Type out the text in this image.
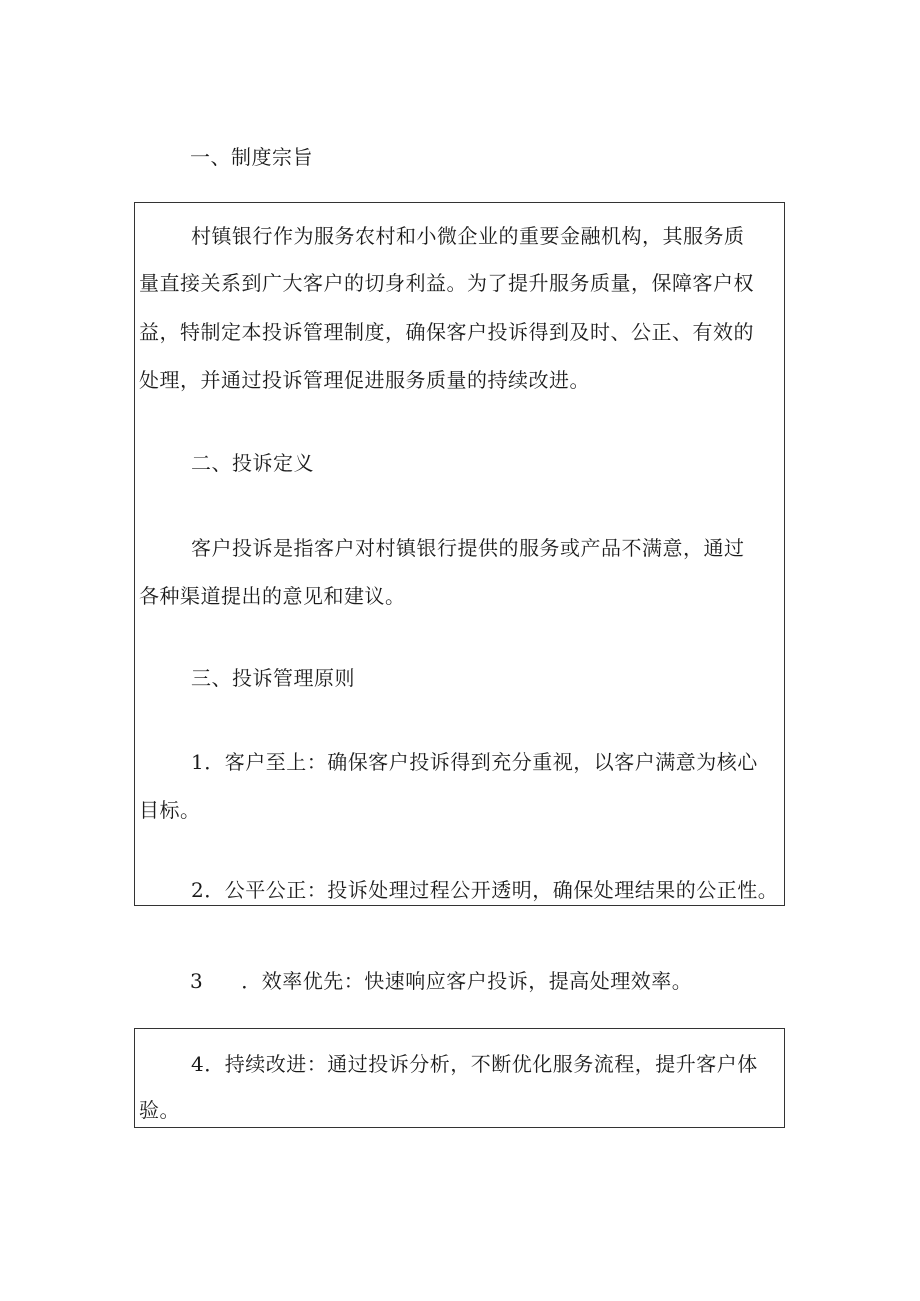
一、制度宗旨
村镇银行作为服务农村和小微企业的重要金融机构，其服务质
量直接关系到广大客户的切身利益。为了提升服务质量，保障客户权
益，特制定本投诉管理制度，确保客户投诉得到及时、公正、有效的
处理，并通过投诉管理促进服务质量的持续改进。
二、投诉定义
客户投诉是指客户对村镇银行提供的服务或产品不满意，通过
各种渠道提出的意见和建议。
三、投诉管理原则
1．客户至上：确保客户投诉得到充分重视，以客户满意为核心
目标。
2．公平公正：投诉处理过程公开透明，确保处理结果的公正性。
3 ．效率优先：快速响应客户投诉，提高处理效率。
4．持续改进：通过投诉分析，不断优化服务流程，提升客户体
验。
